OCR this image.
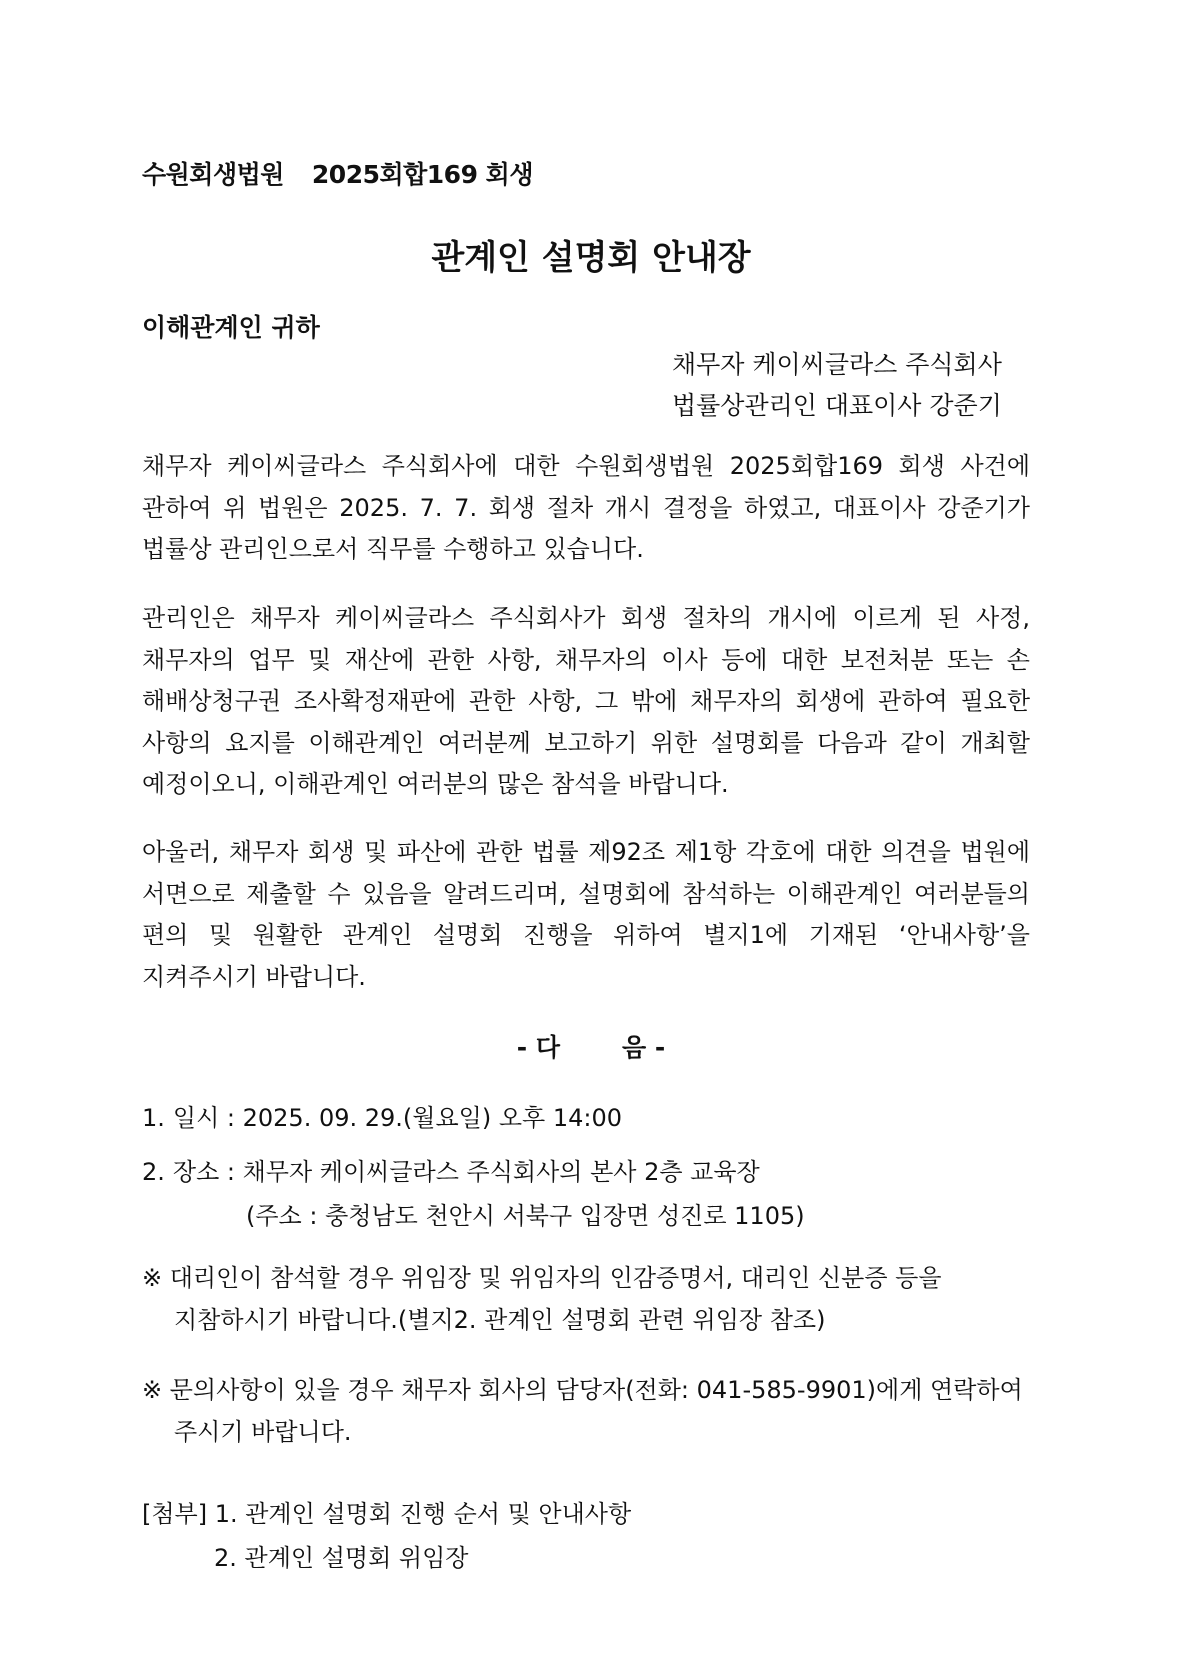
수원회생법원 2025회합169 회생
관계인 설명회 안내장
이해관계인 귀하
채무자 케이씨글라스 주식회사
법률상관리인 대표이사 강준기
채무자 케이씨글라스 주식회사에 대한 수원회생법원 2025회합169 회생 사건에
관하여 위 법원은 2025. 7. 7. 회생 절차 개시 결정을 하였고, 대표이사 강준기가
법률상 관리인으로서 직무를 수행하고 있습니다.
관리인은 채무자 케이씨글라스 주식회사가 회생 절차의 개시에 이르게 된 사정,
채무자의 업무 및 재산에 관한 사항, 채무자의 이사 등에 대한 보전처분 또는 손
해배상청구권 조사확정재판에 관한 사항, 그 밖에 채무자의 회생에 관하여 필요한
사항의 요지를 이해관계인 여러분께 보고하기 위한 설명회를 다음과 같이 개최할
예정이오니, 이해관계인 여러분의 많은 참석을 바랍니다.
아울러, 채무자 회생 및 파산에 관한 법률 제92조 제1항 각호에 대한 의견을 법원에
서면으로 제출할 수 있음을 알려드리며, 설명회에 참석하는 이해관계인 여러분들의
편의 및 원활한 관계인 설명회 진행을 위하여 별지1에 기재된 ‘안내사항’을
지켜주시기 바랍니다.
- 다 음 -
1. 일시 : 2025. 09. 29.(월요일) 오후 14:00
2. 장소 : 채무자 케이씨글라스 주식회사의 본사 2층 교육장
(주소 : 충청남도 천안시 서북구 입장면 성진로 1105)
※ 대리인이 참석할 경우 위임장 및 위임자의 인감증명서, 대리인 신분증 등을
지참하시기 바랍니다.(별지2. 관계인 설명회 관련 위임장 참조)
※ 문의사항이 있을 경우 채무자 회사의 담당자(전화: 041-585-9901)에게 연락하여
주시기 바랍니다.
[첨부] 1. 관계인 설명회 진행 순서 및 안내사항
2. 관계인 설명회 위임장
